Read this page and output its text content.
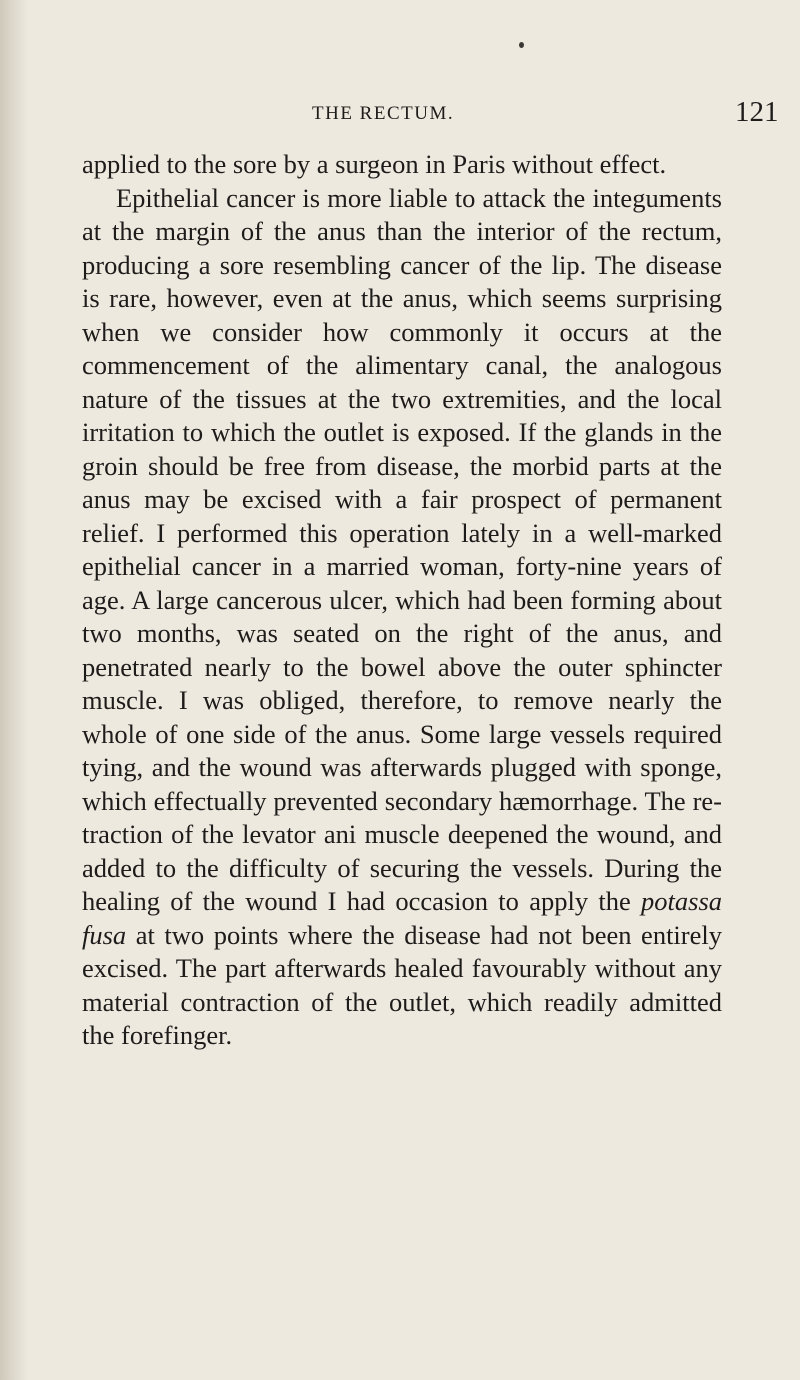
THE RECTUM.	121

applied to the sore by a surgeon in Paris without effect.

Epithelial cancer is more liable to attack the integuments at the margin of the anus than the interior of the rectum, producing a sore resembling cancer of the lip. The disease is rare, however, even at the anus, which seems surprising when we consider how commonly it occurs at the commencement of the alimentary canal, the analogous nature of the tissues at the two extremities, and the local irritation to which the outlet is exposed. If the glands in the groin should be free from disease, the morbid parts at the anus may be excised with a fair prospect of permanent relief. I performed this operation lately in a well-marked epithelial cancer in a married woman, forty-nine years of age. A large cancerous ulcer, which had been forming about two months, was seated on the right of the anus, and penetrated nearly to the bowel above the outer sphincter muscle. I was obliged, therefore, to remove nearly the whole of one side of the anus. Some large vessels required tying, and the wound was afterwards plugged with sponge, which effectually prevented secondary hæmorrhage. The retraction of the levator ani muscle deepened the wound, and added to the difficulty of securing the vessels. During the healing of the wound I had occasion to apply the potassa fusa at two points where the disease had not been entirely excised. The part afterwards healed favourably without any material contraction of the outlet, which readily admitted the forefinger.
